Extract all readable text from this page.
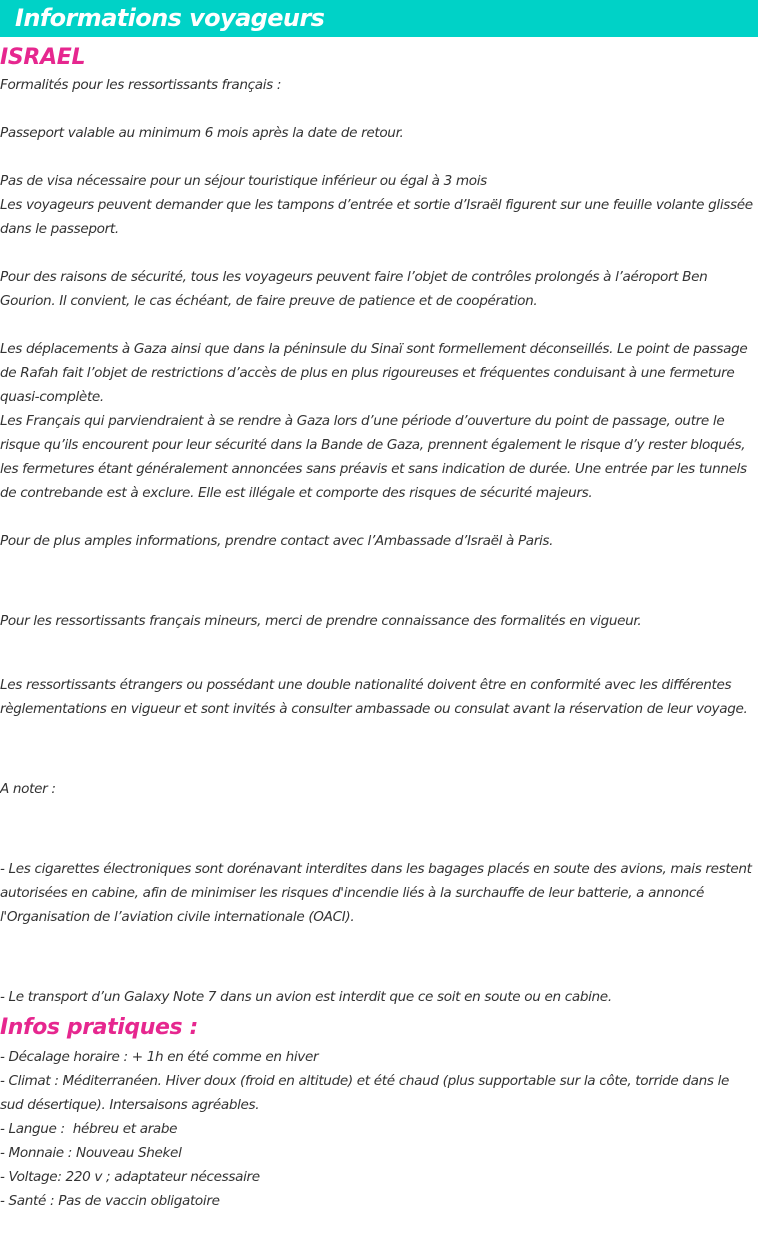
Informations voyageurs
ISRAEL

Formalités pour les ressortissants français :

Passeport valable au minimum 6 mois après la date de retour.

Pas de visa nécessaire pour un séjour touristique inférieur ou égal à 3 mois

Les voyageurs peuvent demander que les tampons d’entrée et sortie d’Israël figurent sur une feuille volante glissée dans le passeport.

Pour des raisons de sécurité, tous les voyageurs peuvent faire l’objet de contrôles prolongés à l’aéroport Ben Gourion. Il convient, le cas échéant, de faire preuve de patience et de coopération.

Les déplacements à Gaza ainsi que dans la péninsule du Sinaï sont formellement déconseillés. Le point de passage de Rafah fait l’objet de restrictions d’accès de plus en plus rigoureuses et fréquentes conduisant à une fermeture quasi-complète.

Les Français qui parviendraient à se rendre à Gaza lors d’une période d’ouverture du point de passage, outre le risque qu’ils encourent pour leur sécurité dans la Bande de Gaza, prennent également le risque d’y rester bloqués, les fermetures étant généralement annoncées sans préavis et sans indication de durée. Une entrée par les tunnels de contrebande est à exclure. Elle est illégale et comporte des risques de sécurité majeurs.

Pour de plus amples informations, prendre contact avec l’Ambassade d’Israël à Paris.

Pour les ressortissants français mineurs, merci de prendre connaissance des formalités en vigueur.

Les ressortissants étrangers ou possédant une double nationalité doivent être en conformité avec les différentes règlementations en vigueur et sont invités à consulter ambassade ou consulat avant la réservation de leur voyage.

A noter :

- Les cigarettes électroniques sont dorénavant interdites dans les bagages placés en soute des avions, mais restent autorisées en cabine, afin de minimiser les risques d'incendie liés à la surchauffe de leur batterie, a annoncé l'Organisation de l’aviation civile internationale (OACI).

- Le transport d’un Galaxy Note 7 dans un avion est interdit que ce soit en soute ou en cabine.

Infos pratiques :

- Décalage horaire : + 1h en été comme en hiver

- Climat : Méditerranéen. Hiver doux (froid en altitude) et été chaud (plus supportable sur la côte, torride dans le sud désertique). Intersaisons agréables.

- Langue :  hébreu et arabe

- Monnaie : Nouveau Shekel

- Voltage: 220 v ; adaptateur nécessaire

- Santé : Pas de vaccin obligatoire
